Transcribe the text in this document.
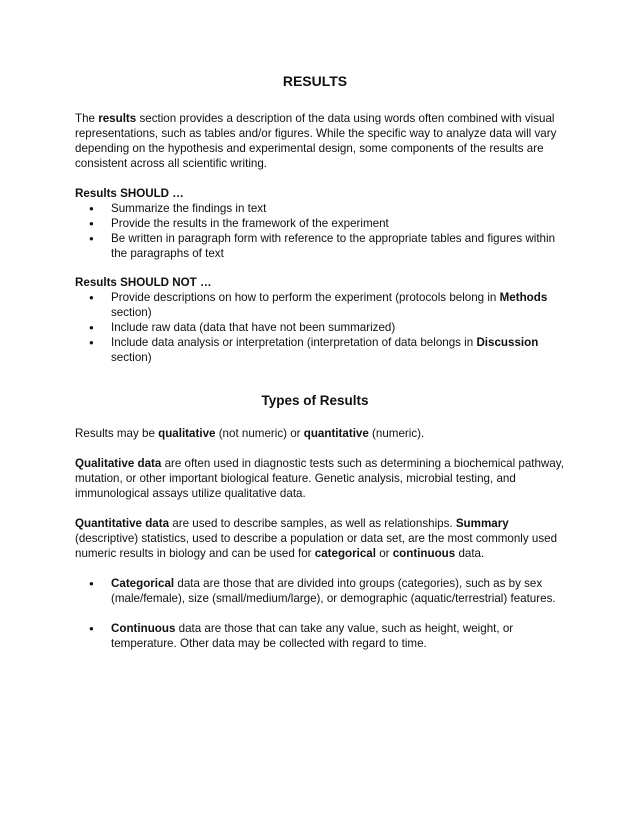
RESULTS

The results section provides a description of the data using words often combined with visual representations, such as tables and/or figures. While the specific way to analyze data will vary depending on the hypothesis and experimental design, some components of the results are consistent across all scientific writing.

Results SHOULD …
● Summarize the findings in text
● Provide the results in the framework of the experiment
● Be written in paragraph form with reference to the appropriate tables and figures within the paragraphs of text
Results SHOULD NOT …
● Provide descriptions on how to perform the experiment (protocols belong in Methods section)
● Include raw data (data that have not been summarized)
● Include data analysis or interpretation (interpretation of data belongs in Discussion section)
Types of Results

Results may be qualitative (not numeric) or quantitative (numeric).

Qualitative data are often used in diagnostic tests such as determining a biochemical pathway, mutation, or other important biological feature. Genetic analysis, microbial testing, and immunological assays utilize qualitative data.

Quantitative data are used to describe samples, as well as relationships. Summary (descriptive) statistics, used to describe a population or data set, are the most commonly used numeric results in biology and can be used for categorical or continuous data.

● Categorical data are those that are divided into groups (categories), such as by sex (male/female), size (small/medium/large), or demographic (aquatic/terrestrial) features.
● Continuous data are those that can take any value, such as height, weight, or temperature. Other data may be collected with regard to time.
